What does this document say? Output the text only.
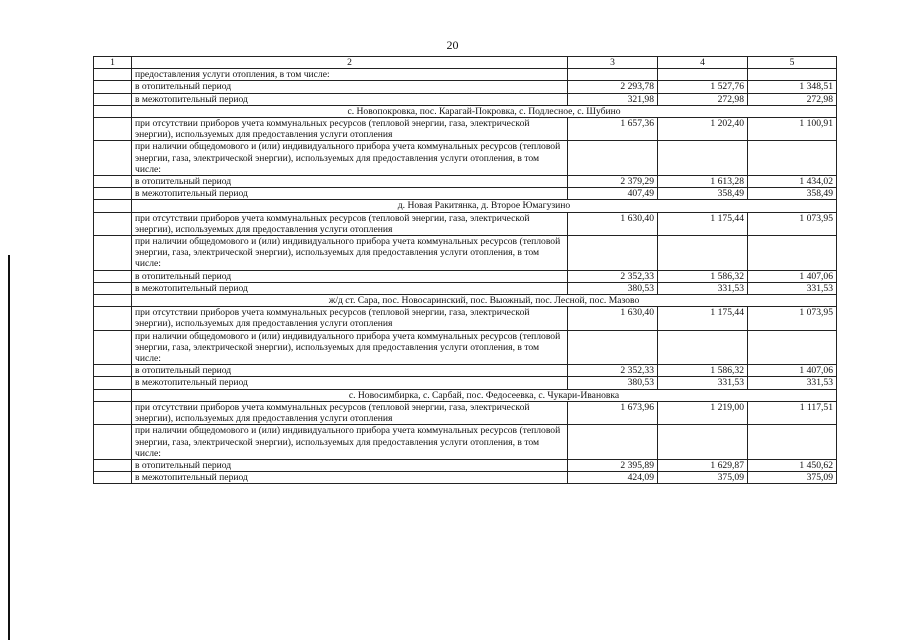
20
1	2	3	4	5
	предоставления услуги отопления, в том числе:			
	в отопительный период	2 293,78	1 527,76	1 348,51
	в межотопительный период	321,98	272,98	272,98
	с. Новопокровка, пос. Карагай-Покровка, с. Подлесное, с. Шубино			
	при отсутствии приборов учета коммунальных ресурсов (тепловой энергии, газа, электрической энергии), используемых для предоставления услуги отопления	1 657,36	1 202,40	1 100,91
	при наличии общедомового и (или) индивидуального прибора учета коммунальных ресурсов (тепловой энергии, газа, электрической энергии), используемых для предоставления услуги отопления, в том числе:			
	в отопительный период	2 379,29	1 613,28	1 434,02
	в межотопительный период	407,49	358,49	358,49
	д. Новая Ракитянка, д. Второе Юмагузино			
	при отсутствии приборов учета коммунальных ресурсов (тепловой энергии, газа, электрической энергии), используемых для предоставления услуги отопления	1 630,40	1 175,44	1 073,95
	при наличии общедомового и (или) индивидуального прибора учета коммунальных ресурсов (тепловой энергии, газа, электрической энергии), используемых для предоставления услуги отопления, в том числе:			
	в отопительный период	2 352,33	1 586,32	1 407,06
	в межотопительный период	380,53	331,53	331,53
	ж/д ст. Сара, пос. Новосаринский, пос. Выожный, пос. Лесной, пос. Мазово			
	при отсутствии приборов учета коммунальных ресурсов (тепловой энергии, газа, электрической энергии), используемых для предоставления услуги отопления	1 630,40	1 175,44	1 073,95
	при наличии общедомового и (или) индивидуального прибора учета коммунальных ресурсов (тепловой энергии, газа, электрической энергии), используемых для предоставления услуги отопления, в том числе:			
	в отопительный период	2 352,33	1 586,32	1 407,06
	в межотопительный период	380,53	331,53	331,53
	с. Новосимбирка, с. Сарбай, пос. Федосеевка, с. Чукари-Ивановка			
	при отсутствии приборов учета коммунальных ресурсов (тепловой энергии, газа, электрической энергии), используемых для предоставления услуги отопления	1 673,96	1 219,00	1 117,51
	при наличии общедомового и (или) индивидуального прибора учета коммунальных ресурсов (тепловой энергии, газа, электрической энергии), используемых для предоставления услуги отопления, в том числе:			
	в отопительный период	2 395,89	1 629,87	1 450,62
	в межотопительный период	424,09	375,09	375,09
